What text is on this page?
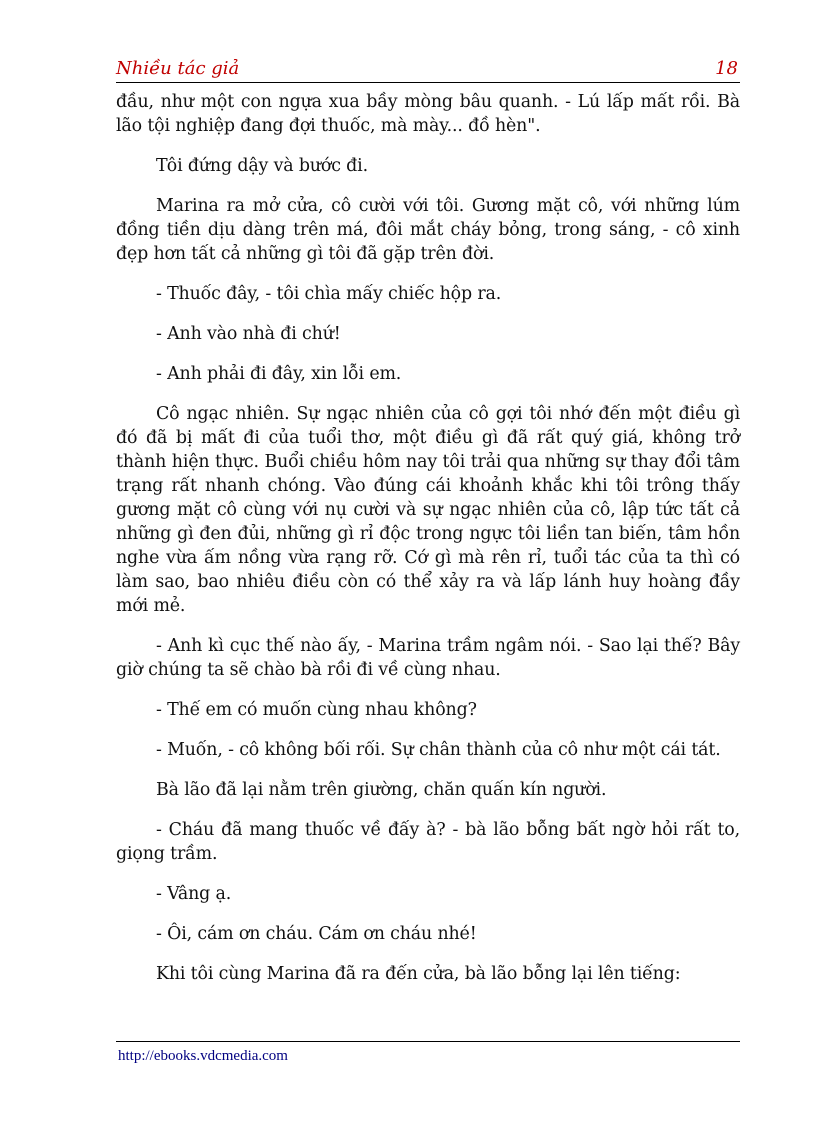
Nhiều tác giả	18

đầu, như một con ngựa xua bầy mòng bâu quanh. - Lú lấp mất rồi. Bà lão tội nghiệp đang đợi thuốc, mà mày... đồ hèn".

Tôi đứng dậy và bước đi.

Marina ra mở cửa, cô cười với tôi. Gương mặt cô, với những lúm đồng tiền dịu dàng trên má, đôi mắt cháy bỏng, trong sáng, - cô xinh đẹp hơn tất cả những gì tôi đã gặp trên đời.

- Thuốc đây, - tôi chìa mấy chiếc hộp ra.

- Anh vào nhà đi chứ!

- Anh phải đi đây, xin lỗi em.

Cô ngạc nhiên. Sự ngạc nhiên của cô gợi tôi nhớ đến một điều gì đó đã bị mất đi của tuổi thơ, một điều gì đã rất quý giá, không trở thành hiện thực. Buổi chiều hôm nay tôi trải qua những sự thay đổi tâm trạng rất nhanh chóng. Vào đúng cái khoảnh khắc khi tôi trông thấy gương mặt cô cùng với nụ cười và sự ngạc nhiên của cô, lập tức tất cả những gì đen đủi, những gì rỉ độc trong ngực tôi liền tan biến, tâm hồn nghe vừa ấm nồng vừa rạng rỡ. Cớ gì mà rên rỉ, tuổi tác của ta thì có làm sao, bao nhiêu điều còn có thể xảy ra và lấp lánh huy hoàng đầy mới mẻ.

- Anh kì cục thế nào ấy, - Marina trầm ngâm nói. - Sao lại thế? Bây giờ chúng ta sẽ chào bà rồi đi về cùng nhau.

- Thế em có muốn cùng nhau không?

- Muốn, - cô không bối rối. Sự chân thành của cô như một cái tát.

Bà lão đã lại nằm trên giường, chăn quấn kín người.

- Cháu đã mang thuốc về đấy à? - bà lão bỗng bất ngờ hỏi rất to, giọng trầm.

- Vâng ạ.

- Ôi, cám ơn cháu. Cám ơn cháu nhé!

Khi tôi cùng Marina đã ra đến cửa, bà lão bỗng lại lên tiếng:

http://ebooks.vdcmedia.com
